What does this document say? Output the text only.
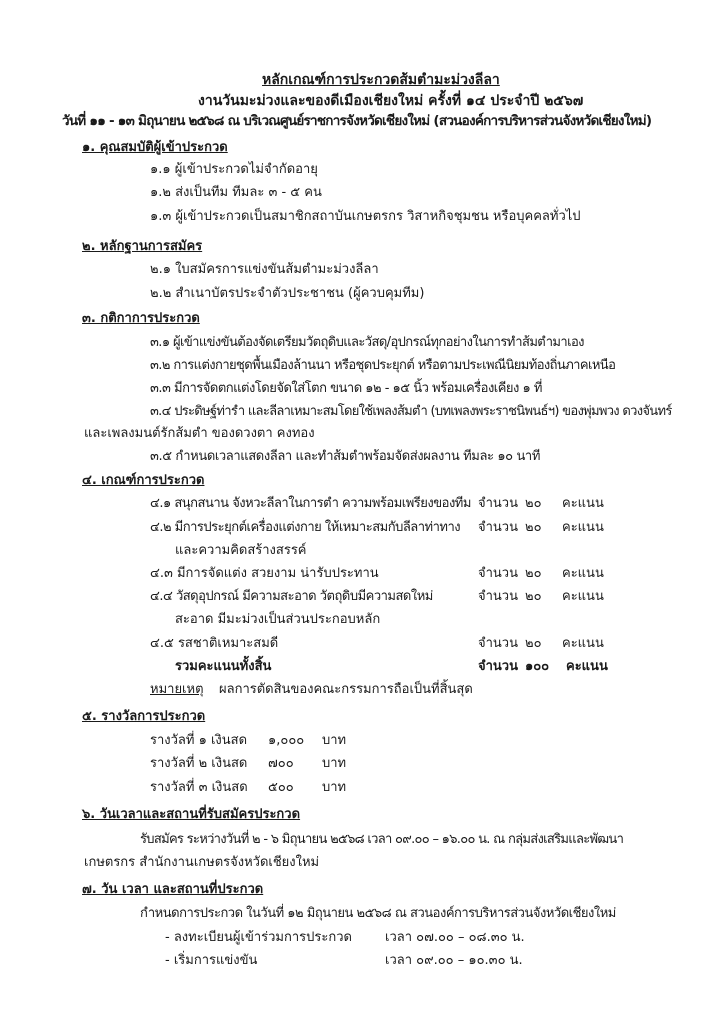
หลักเกณฑ์การประกวดส้มตำมะม่วงลีลา
งานวันมะม่วงและของดีเมืองเชียงใหม่ ครั้งที่ ๑๔ ประจำปี ๒๕๖๗
วันที่ ๑๑ - ๑๓ มิถุนายน ๒๕๖๘ ณ บริเวณศูนย์ราชการจังหวัดเชียงใหม่ (สวนองค์การบริหารส่วนจังหวัดเชียงใหม่)
๑. คุณสมบัติผู้เข้าประกวด
๑.๑ ผู้เข้าประกวดไม่จำกัดอายุ
๑.๒ ส่งเป็นทีม ทีมละ ๓ - ๕ คน
๑.๓ ผู้เข้าประกวดเป็นสมาชิกสถาบันเกษตรกร วิสาหกิจชุมชน หรือบุคคลทั่วไป
๒. หลักฐานการสมัคร
๒.๑ ใบสมัครการแข่งขันส้มตำมะม่วงลีลา
๒.๒ สำเนาบัตรประจำตัวประชาชน (ผู้ควบคุมทีม)
๓. กติกาการประกวด
๓.๑ ผู้เข้าแข่งขันต้องจัดเตรียมวัตถุดิบและวัสดุ/อุปกรณ์ทุกอย่างในการทำส้มตำมาเอง
๓.๒ การแต่งกายชุดพื้นเมืองล้านนา หรือชุดประยุกต์ หรือตามประเพณีนิยมท้องถิ่นภาคเหนือ
๓.๓ มีการจัดตกแต่งโดยจัดใส่โตก ขนาด ๑๒ - ๑๕ นิ้ว พร้อมเครื่องเคียง ๑ ที่
๓.๔ ประดิษฐ์ท่ารำ และลีลาเหมาะสมโดยใช้เพลงส้มตำ (บทเพลงพระราชนิพนธ์ฯ) ของพุ่มพวง ดวงจันทร์
และเพลงมนต์รักส้มตำ ของดวงตา คงทอง
๓.๕ กำหนดเวลาแสดงลีลา และทำส้มตำพร้อมจัดส่งผลงาน ทีมละ ๑๐ นาที
๔. เกณฑ์การประกวด
๔.๑ สนุกสนาน จังหวะลีลาในการตำ ความพร้อมเพรียงของทีม จำนวน ๒๐ คะแนน
๔.๒ มีการประยุกต์เครื่องแต่งกาย ให้เหมาะสมกับลีลาท่าทาง จำนวน ๒๐ คะแนน
และความคิดสร้างสรรค์
๔.๓ มีการจัดแต่ง สวยงาม น่ารับประทาน	จำนวน ๒๐ คะแนน
๔.๔ วัสดุอุปกรณ์ มีความสะอาด วัตถุดิบมีความสดใหม่	จำนวน ๒๐ คะแนน
สะอาด มีมะม่วงเป็นส่วนประกอบหลัก
๔.๕ รสชาติเหมาะสมดี	จำนวน ๒๐ คะแนน
รวมคะแนนทั้งสิ้น	จำนวน ๑๐๐ คะแนน
หมายเหตุ ผลการตัดสินของคณะกรรมการถือเป็นที่สิ้นสุด
๕. รางวัลการประกวด
รางวัลที่ ๑ เงินสด ๑,๐๐๐ บาท
รางวัลที่ ๒ เงินสด ๗๐๐ บาท
รางวัลที่ ๓ เงินสด ๕๐๐ บาท
๖. วันเวลาและสถานที่รับสมัครประกวด
รับสมัคร ระหว่างวันที่ ๒ - ๖ มิถุนายน ๒๕๖๘ เวลา ๐๙.๐๐ – ๑๖.๐๐ น. ณ กลุ่มส่งเสริมและพัฒนา
เกษตรกร สำนักงานเกษตรจังหวัดเชียงใหม่
๗. วัน เวลา และสถานที่ประกวด
กำหนดการประกวด ในวันที่ ๑๒ มิถุนายน ๒๕๖๘ ณ สวนองค์การบริหารส่วนจังหวัดเชียงใหม่
- ลงทะเบียนผู้เข้าร่วมการประกวด	เวลา ๐๗.๐๐ – ๐๘.๓๐ น.
- เริ่มการแข่งขัน	เวลา ๐๙.๐๐ – ๑๐.๓๐ น.
